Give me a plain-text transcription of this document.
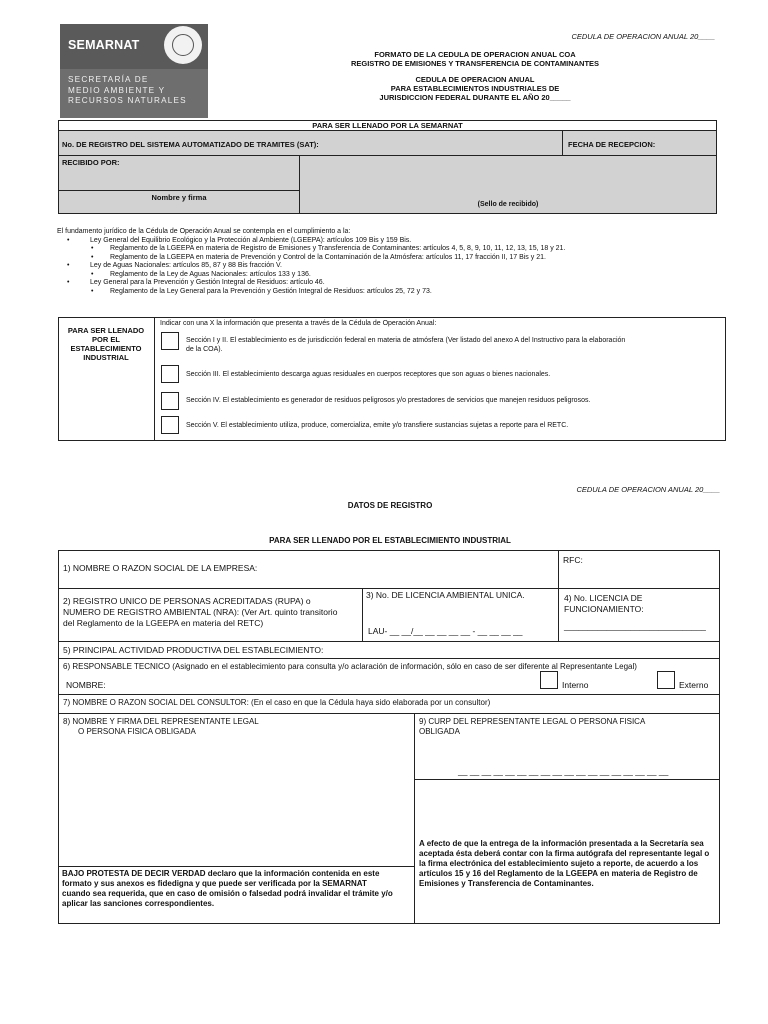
SEMARNAT
SECRETARÍA DE
MEDIO AMBIENTE Y
RECURSOS NATURALES
CEDULA DE OPERACION ANUAL 20____
FORMATO DE LA CEDULA DE OPERACION ANUAL COA
REGISTRO DE EMISIONES Y TRANSFERENCIA DE CONTAMINANTES
CEDULA DE OPERACION ANUAL
PARA ESTABLECIMIENTOS INDUSTRIALES DE
JURISDICCION FEDERAL DURANTE EL AÑO 20_____
PARA SER LLENADO POR LA SEMARNAT
No. DE REGISTRO DEL SISTEMA AUTOMATIZADO DE TRAMITES (SAT):	FECHA DE RECEPCION:
RECIBIDO POR:
Nombre y firma
(Sello de recibido)
El fundamento jurídico de la Cédula de Operación Anual se contempla en el cumplimiento a la:
•	Ley General del Equilibrio Ecológico y la Protección al Ambiente (LGEEPA): artículos 109 Bis y 159 Bis.
• Reglamento de la LGEEPA en materia de Registro de Emisiones y Transferencia de Contaminantes: artículos 4, 5, 8, 9, 10, 11, 12, 13, 15, 18 y 21.
• Reglamento de la LGEEPA en materia de Prevención y Control de la Contaminación de la Atmósfera: artículos 11, 17 fracción II, 17 Bis y 21.
•	Ley de Aguas Nacionales: artículos 85, 87 y 88 Bis fracción V.
• Reglamento de la Ley de Aguas Nacionales: artículos 133 y 136.
•	Ley General para la Prevención y Gestión Integral de Residuos: artículo 46.
• Reglamento de la Ley General para la Prevención y Gestión Integral de Residuos: artículos 25, 72 y 73.
PARA SER LLENADO
POR EL
ESTABLECIMIENTO
INDUSTRIAL
Indicar con una X la información que presenta a través de la Cédula de Operación Anual:
Sección I y II. El establecimiento es de jurisdicción federal en materia de atmósfera (Ver listado del anexo A del Instructivo para la elaboración
de la COA).
Sección III. El establecimiento descarga aguas residuales en cuerpos receptores que son aguas o bienes nacionales.
Sección IV. El establecimiento es generador de residuos peligrosos y/o prestadores de servicios que manejen residuos peligrosos.
Sección V. El establecimiento utiliza, produce, comercializa, emite y/o transfiere sustancias sujetas a reporte para el RETC.
CEDULA DE OPERACION ANUAL 20____
DATOS DE REGISTRO
PARA SER LLENADO POR EL ESTABLECIMIENTO INDUSTRIAL
1) NOMBRE O RAZON SOCIAL DE LA EMPRESA:
RFC:
2) REGISTRO UNICO DE PERSONAS ACREDITADAS (RUPA) o
NUMERO DE REGISTRO AMBIENTAL (NRA): (Ver Art. quinto transitorio
del Reglamento de la LGEEPA en materia del RETC)
3) No. DE LICENCIA AMBIENTAL UNICA.
LAU- __ __/__ __ __ __ __ - __ __ __ __
4) No. LICENCIA DE
FUNCIONAMIENTO:
______________________________
5) PRINCIPAL ACTIVIDAD PRODUCTIVA DEL ESTABLECIMIENTO:
6) RESPONSABLE TECNICO (Asignado en el establecimiento para consulta y/o aclaración de información, sólo en caso de ser diferente al Representante Legal)
NOMBRE:	Interno	Externo
7) NOMBRE O RAZON SOCIAL DEL CONSULTOR: (En el caso en que la Cédula haya sido elaborada por un consultor)
8) NOMBRE Y FIRMA DEL REPRESENTANTE LEGAL
O PERSONA FISICA OBLIGADA
9) CURP DEL REPRESENTANTE LEGAL O PERSONA FISICA
OBLIGADA
__ __ __ __ __ __ __ __ __ __ __ __ __ __ __ __ __ __
BAJO PROTESTA DE DECIR VERDAD declaro que la información contenida en este formato y sus anexos es fidedigna y que puede ser verificada por la SEMARNAT cuando sea requerida, que en caso de omisión o falsedad podrá invalidar el trámite y/o aplicar las sanciones correspondientes.
A efecto de que la entrega de la información presentada a la Secretaría sea aceptada ésta deberá contar con la firma autógrafa del representante legal o la firma electrónica del establecimiento sujeto a reporte, de acuerdo a los artículos 15 y 16 del Reglamento de la LGEEPA en materia de Registro de Emisiones y Transferencia de Contaminantes.
